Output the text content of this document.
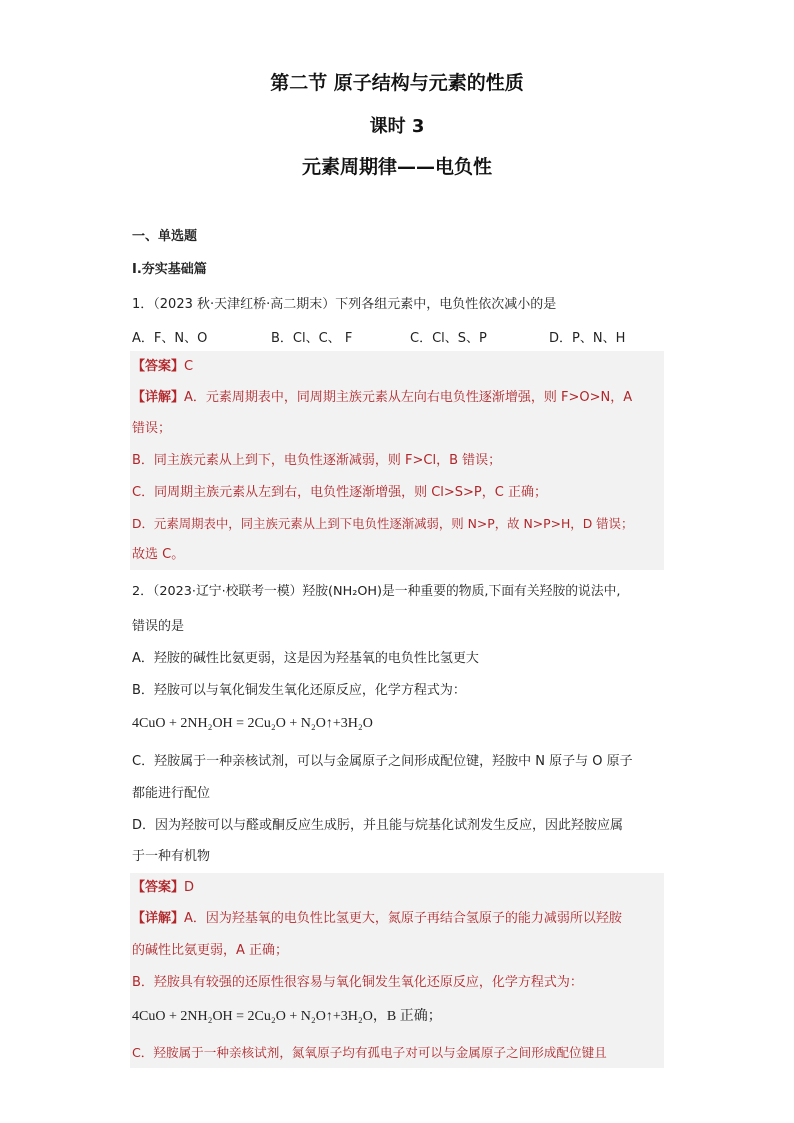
第二节 原子结构与元素的性质
课时 3
元素周期律——电负性
一、单选题
Ⅰ.夯实基础篇
1．（2023 秋·天津红桥·高二期末）下列各组元素中，电负性依次减小的是
A．F、N、O	B．Cl、C、 F	C．Cl、S、P	D．P、N、H
【答案】C
【详解】A．元素周期表中，同周期主族元素从左向右电负性逐渐增强，则 F>O>N，A
错误；
B．同主族元素从上到下，电负性逐渐减弱，则 F>Cl，B 错误；
C．同周期主族元素从左到右，电负性逐渐增强，则 Cl>S>P，C 正确；
D．元素周期表中，同主族元素从上到下电负性逐渐减弱，则 N>P，故 N>P>H，D 错误；
故选 C。
2．（2023·辽宁·校联考一模）羟胺(NH₂OH)是一种重要的物质,下面有关羟胺的说法中,
错误的是
A．羟胺的碱性比氨更弱，这是因为羟基氧的电负性比氢更大
B．羟胺可以与氧化铜发生氧化还原反应，化学方程式为：
4CuO + 2NH₂OH = 2Cu₂O + N₂O↑+3H₂O
C．羟胺属于一种亲核试剂，可以与金属原子之间形成配位键，羟胺中 N 原子与 O 原子
都能进行配位
D．因为羟胺可以与醛或酮反应生成肟，并且能与烷基化试剂发生反应，因此羟胺应属
于一种有机物
【答案】D
【详解】A．因为羟基氧的电负性比氢更大，氮原子再结合氢原子的能力减弱所以羟胺
的碱性比氨更弱，A 正确；
B．羟胺具有较强的还原性很容易与氧化铜发生氧化还原反应，化学方程式为：
4CuO + 2NH₂OH = 2Cu₂O + N₂O↑+3H₂O，B 正确；
C．羟胺属于一种亲核试剂，氮氧原子均有孤电子对可以与金属原子之间形成配位键且
